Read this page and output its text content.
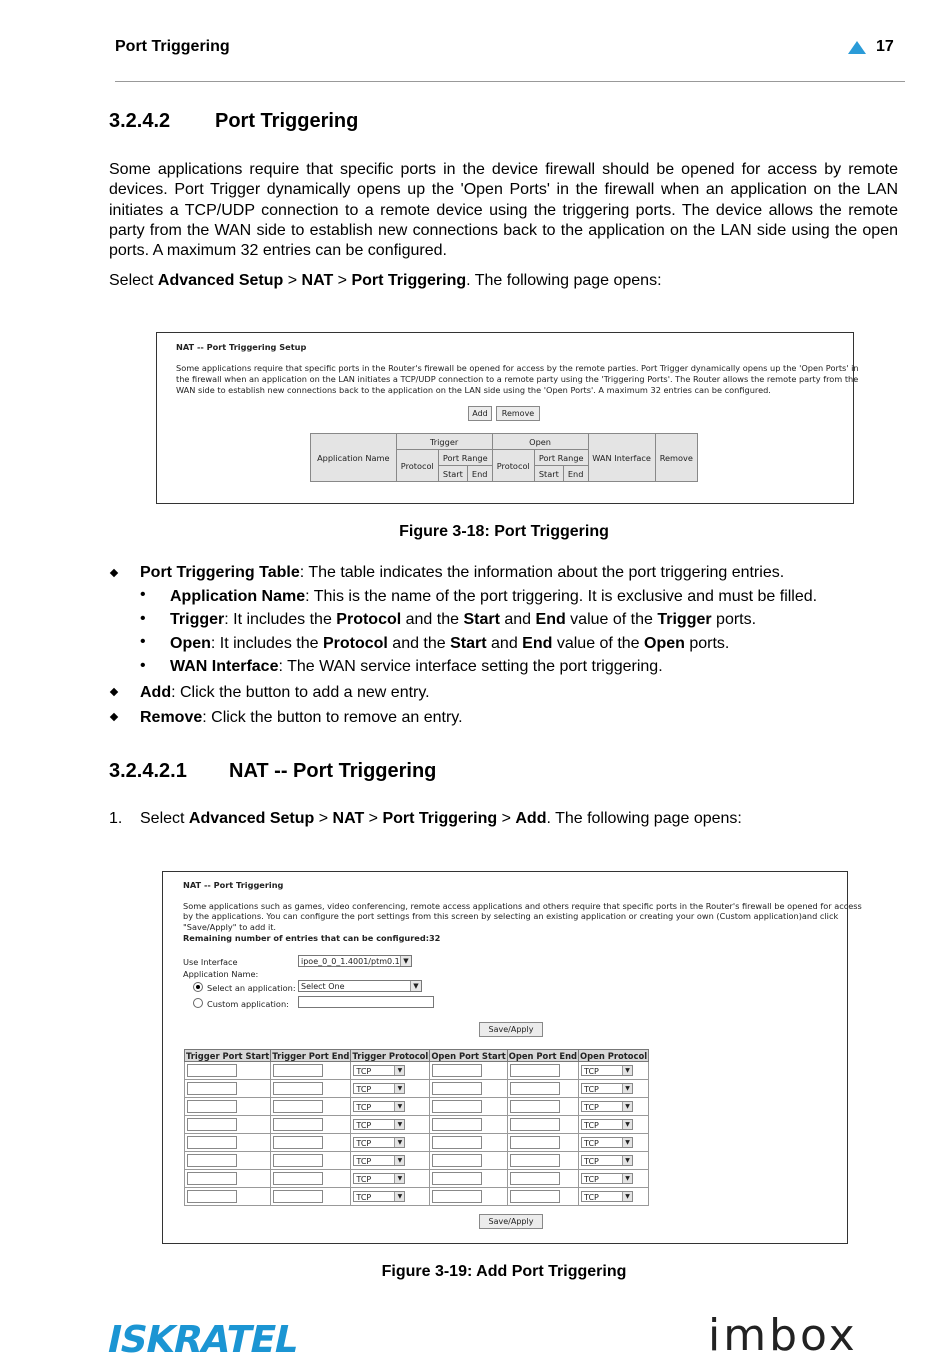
Port Triggering	17
3.2.4.2 Port Triggering

Some applications require that specific ports in the device firewall should be opened for access by remote devices. Port Trigger dynamically opens up the 'Open Ports' in the firewall when an application on the LAN initiates a TCP/UDP connection to a remote device using the triggering ports. The device allows the remote party from the WAN side to establish new connections back to the application on the LAN side using the open ports. A maximum 32 entries can be configured.

Select Advanced Setup > NAT > Port Triggering. The following page opens:

NAT -- Port Triggering Setup
Some applications require that specific ports in the Router's firewall be opened for access by the remote parties. Port Trigger dynamically opens up the 'Open Ports' in
the firewall when an application on the LAN initiates a TCP/UDP connection to a remote party using the 'Triggering Ports'. The Router allows the remote party from the
WAN side to establish new connections back to the application on the LAN side using the 'Open Ports'. A maximum 32 entries can be configured.
Add	Remove
Application Name	Trigger			Open			WAN Interface	Remove
	Protocol	Port Range		Protocol	Port Range			
		Start	End		Start	End		
Figure 3-18: Port Triggering
Port Triggering Table: The table indicates the information about the port triggering entries.
• Application Name: This is the name of the port triggering. It is exclusive and must be filled.
• Trigger: It includes the Protocol and the Start and End value of the Trigger ports.
• Open: It includes the Protocol and the Start and End value of the Open ports.
• WAN Interface: The WAN service interface setting the port triggering.
Add: Click the button to add a new entry.
Remove: Click the button to remove an entry.
3.2.4.2.1 NAT -- Port Triggering
1. Select Advanced Setup > NAT > Port Triggering > Add. The following page opens:
NAT -- Port Triggering
Some applications such as games, video conferencing, remote access applications and others require that specific ports in the Router's firewall be opened for access
by the applications. You can configure the port settings from this screen by selecting an existing application or creating your own (Custom application)and click
"Save/Apply" to add it.
Remaining number of entries that can be configured:32
Use Interface	ipoe_0_0_1.4001/ptm0.1 ▼
Application Name:
Select an application: Select One	▼
Custom application:
Save/Apply
Trigger Port Start	Trigger Port End	Trigger Protocol	Open Port Start	Open Port End	Open Protocol

		TCP ▼			TCP ▼

		TCP ▼			TCP ▼

		TCP ▼			TCP ▼

		TCP ▼			TCP ▼

		TCP ▼			TCP ▼

		TCP ▼			TCP ▼

		TCP ▼			TCP ▼

		TCP ▼			TCP ▼
Save/Apply
Figure 3-19: Add Port Triggering
ISKRATEL	imbox
